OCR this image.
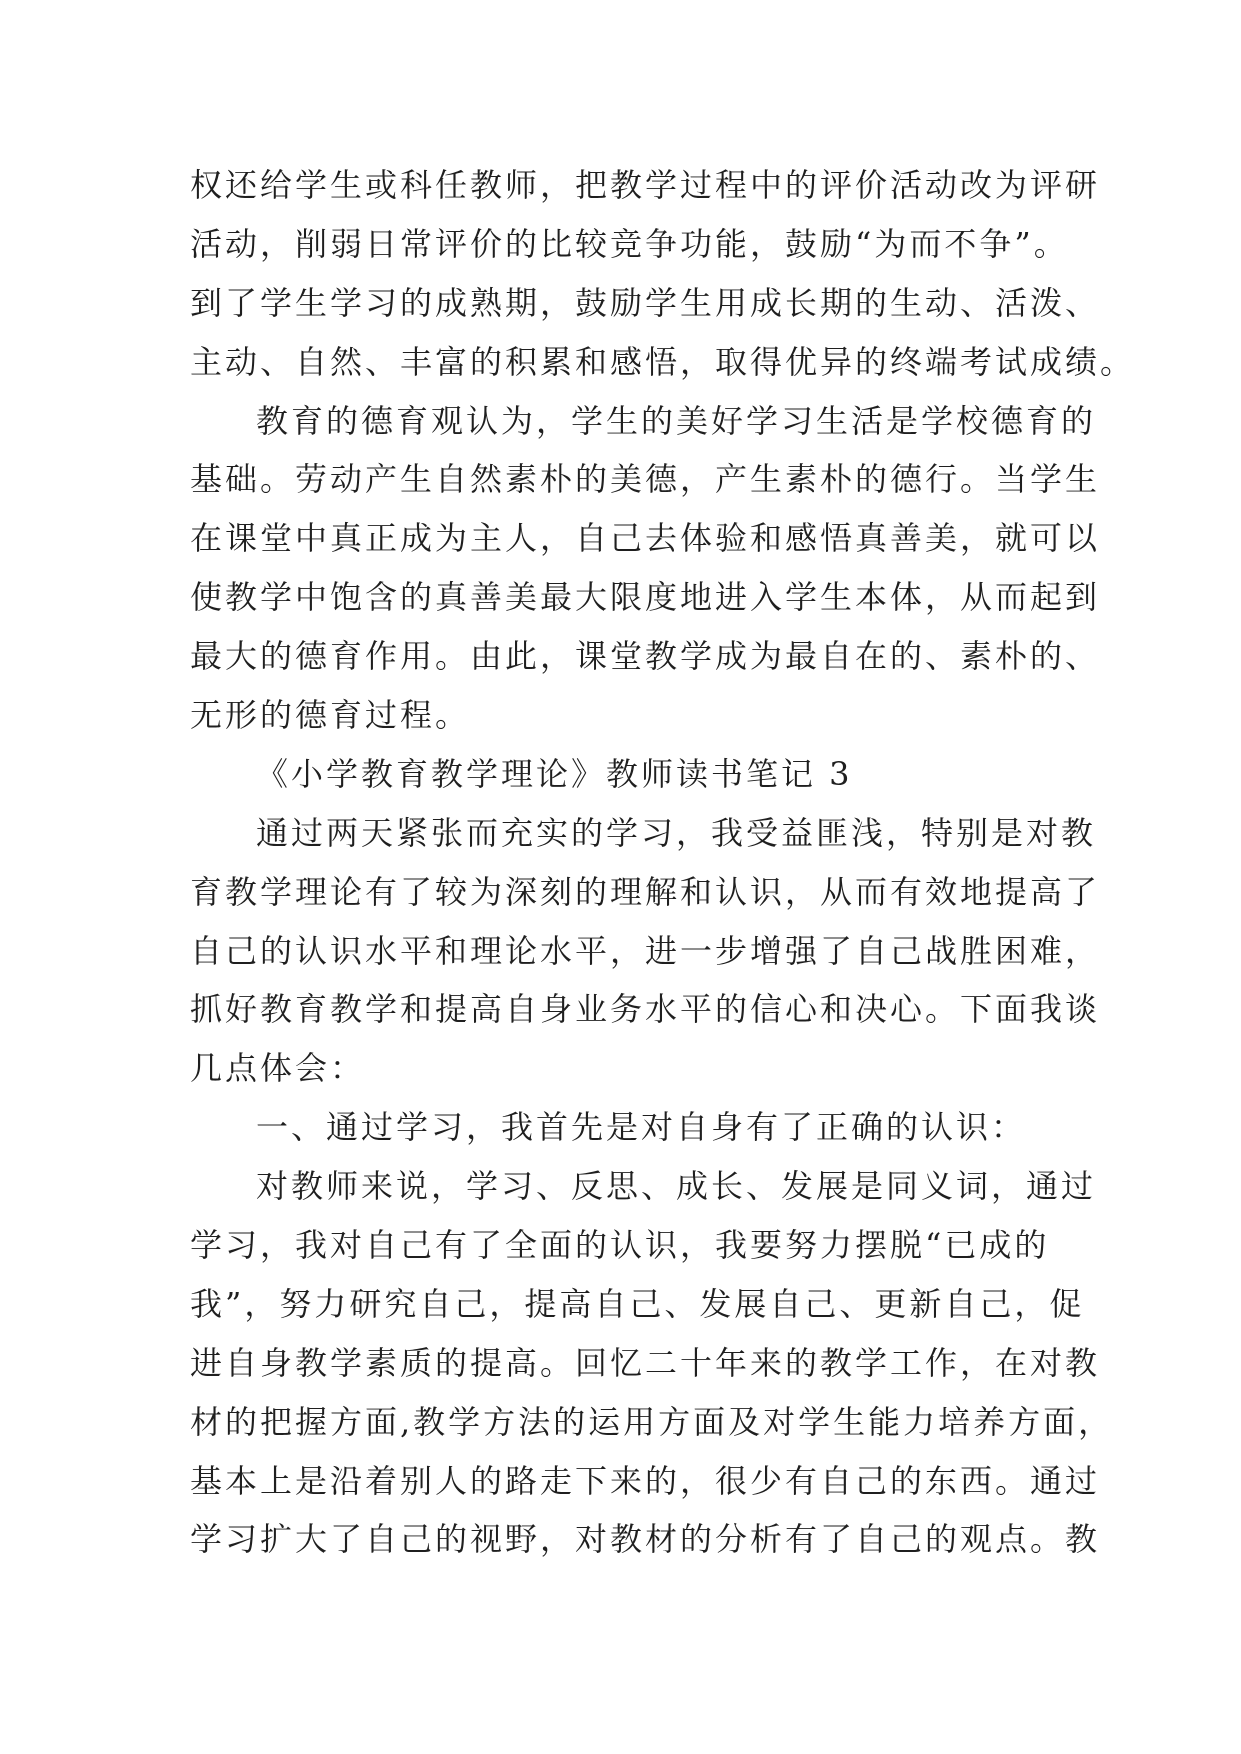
权还给学生或科任教师，把教学过程中的评价活动改为评研
活动，削弱日常评价的比较竞争功能，鼓励“为而不争”。
到了学生学习的成熟期，鼓励学生用成长期的生动、活泼、
主动、自然、丰富的积累和感悟，取得优异的终端考试成绩。
教育的德育观认为，学生的美好学习生活是学校德育的
基础。劳动产生自然素朴的美德，产生素朴的德行。当学生
在课堂中真正成为主人，自己去体验和感悟真善美，就可以
使教学中饱含的真善美最大限度地进入学生本体，从而起到
最大的德育作用。由此，课堂教学成为最自在的、素朴的、
无形的德育过程。
《小学教育教学理论》教师读书笔记 3
通过两天紧张而充实的学习，我受益匪浅，特别是对教
育教学理论有了较为深刻的理解和认识，从而有效地提高了
自己的认识水平和理论水平，进一步增强了自己战胜困难，
抓好教育教学和提高自身业务水平的信心和决心。下面我谈
几点体会：
一、通过学习，我首先是对自身有了正确的认识：
对教师来说，学习、反思、成长、发展是同义词，通过
学习，我对自己有了全面的认识，我要努力摆脱“已成的
我”，努力研究自己，提高自己、发展自己、更新自己，促
进自身教学素质的提高。回忆二十年来的教学工作，在对教
材的把握方面,教学方法的运用方面及对学生能力培养方面，
基本上是沿着别人的路走下来的，很少有自己的东西。通过
学习扩大了自己的视野，对教材的分析有了自己的观点。教
